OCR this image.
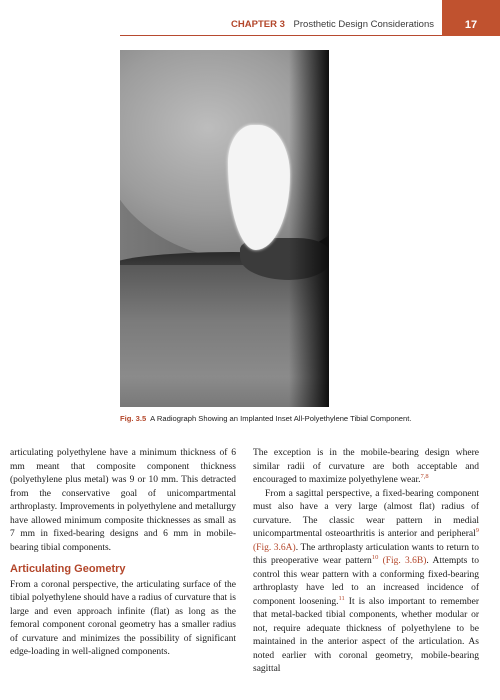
CHAPTER 3 Prosthetic Design Considerations	17
Fig. 3.5 A Radiograph Showing an Implanted Inset All-Polyethylene Tibial Component.

articulating polyethylene have a minimum thickness of 6 mm meant that composite component thickness (polyethylene plus metal) was 9 or 10 mm. This detracted from the conservative goal of unicompartmental arthroplasty. Improvements in polyethylene and metallurgy have allowed minimum composite thicknesses as small as 7 mm in fixed-bearing designs and 6 mm in mobile-bearing tibial components.

Articulating Geometry

From a coronal perspective, the articulating surface of the tibial polyethylene should have a radius of curvature that is large and even approach infinite (flat) as long as the femoral component coronal geometry has a smaller radius of curvature and minimizes the possibility of significant edge-loading in well-aligned components.

The exception is in the mobile-bearing design where similar radii of curvature are both acceptable and encouraged to maximize polyethylene wear.$^{7,8}$

From a sagittal perspective, a fixed-bearing component must also have a very large (almost flat) radius of curvature. The classic wear pattern in medial unicompartmental osteoarthritis is anterior and peripheral$^9$ (Fig. 3.6A). The arthroplasty articulation wants to return to this preoperative wear pattern$^{10}$ (Fig. 3.6B). Attempts to control this wear pattern with a conforming fixed-bearing arthroplasty have led to an increased incidence of component loosening.$^{11}$ It is also important to remember that metal-backed tibial components, whether modular or not, require adequate thickness of polyethylene to be maintained in the anterior aspect of the articulation. As noted earlier with coronal geometry, mobile-bearing sagittal
